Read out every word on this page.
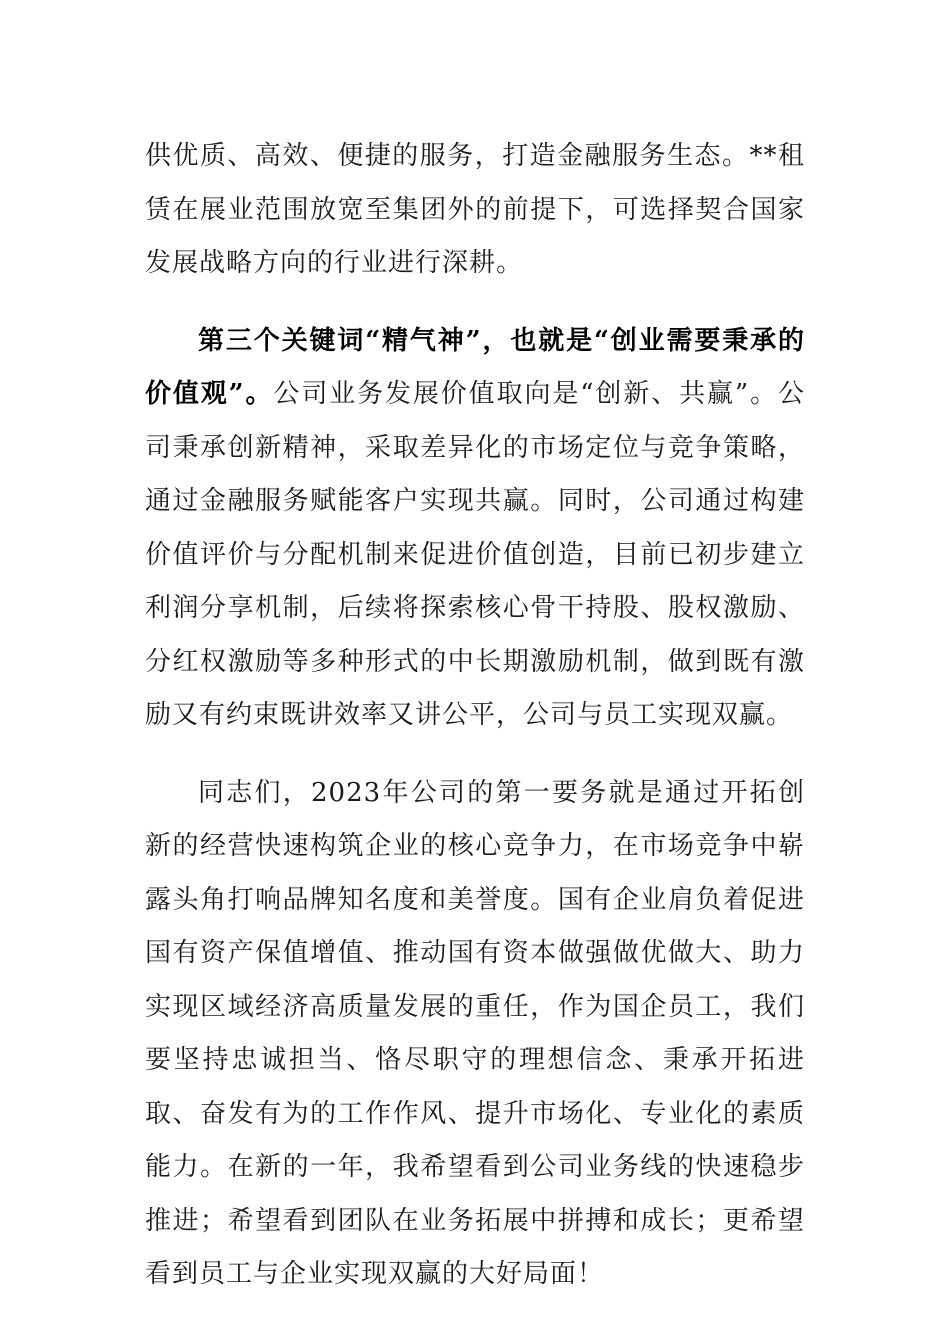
供优质、高效、便捷的服务，打造金融服务生态。**租赁在展业范围放宽至集团外的前提下，可选择契合国家发展战略方向的行业进行深耕。

第三个关键词“精气神”，也就是“创业需要秉承的价值观”。公司业务发展价值取向是“创新、共赢”。公司秉承创新精神，采取差异化的市场定位与竞争策略，通过金融服务赋能客户实现共赢。同时，公司通过构建价值评价与分配机制来促进价值创造，目前已初步建立利润分享机制，后续将探索核心骨干持股、股权激励、分红权激励等多种形式的中长期激励机制，做到既有激励又有约束既讲效率又讲公平，公司与员工实现双赢。

同志们，2023年公司的第一要务就是通过开拓创新的经营快速构筑企业的核心竞争力，在市场竞争中崭露头角打响品牌知名度和美誉度。国有企业肩负着促进国有资产保值增值、推动国有资本做强做优做大、助力实现区域经济高质量发展的重任，作为国企员工，我们要坚持忠诚担当、恪尽职守的理想信念、秉承开拓进取、奋发有为的工作作风、提升市场化、专业化的素质能力。在新的一年，我希望看到公司业务线的快速稳步推进；希望看到团队在业务拓展中拼搏和成长；更希望看到员工与企业实现双赢的大好局面！
